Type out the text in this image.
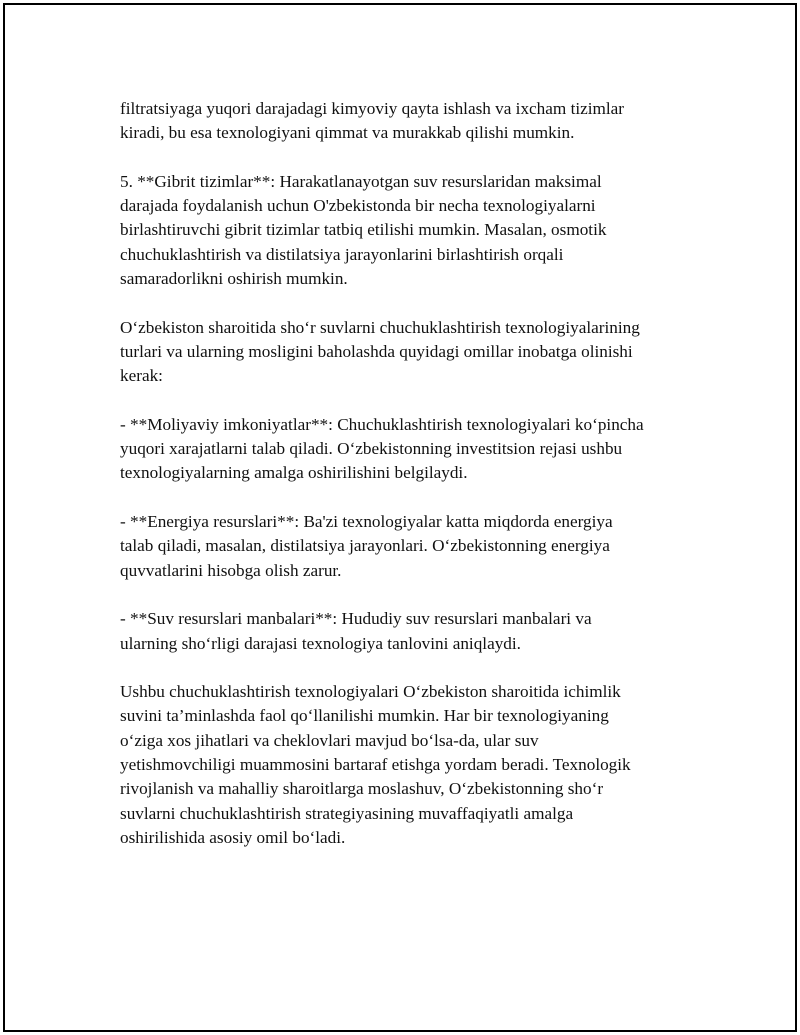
filtratsiyaga yuqori darajadagi kimyoviy qayta ishlash va ixcham tizimlar
kiradi, bu esa texnologiyani qimmat va murakkab qilishi mumkin.

5. **Gibrit tizimlar**: Harakatlanayotgan suv resurslaridan maksimal
darajada foydalanish uchun O'zbekistonda bir necha texnologiyalarni
birlashtiruvchi gibrit tizimlar tatbiq etilishi mumkin. Masalan, osmotik
chuchuklashtirish va distilatsiya jarayonlarini birlashtirish orqali
samaradorlikni oshirish mumkin.

O‘zbekiston sharoitida sho‘r suvlarni chuchuklashtirish texnologiyalarining
turlari va ularning mosligini baholashda quyidagi omillar inobatga olinishi
kerak:

- **Moliyaviy imkoniyatlar**: Chuchuklashtirish texnologiyalari ko‘pincha
yuqori xarajatlarni talab qiladi. O‘zbekistonning investitsion rejasi ushbu
texnologiyalarning amalga oshirilishini belgilaydi.

- **Energiya resurslari**: Ba'zi texnologiyalar katta miqdorda energiya
talab qiladi, masalan, distilatsiya jarayonlari. O‘zbekistonning energiya
quvvatlarini hisobga olish zarur.

- **Suv resurslari manbalari**: Hududiy suv resurslari manbalari va
ularning sho‘rligi darajasi texnologiya tanlovini aniqlaydi.

Ushbu chuchuklashtirish texnologiyalari O‘zbekiston sharoitida ichimlik
suvini ta’minlashda faol qo‘llanilishi mumkin. Har bir texnologiyaning
o‘ziga xos jihatlari va cheklovlari mavjud bo‘lsa-da, ular suv
yetishmovchiligi muammosini bartaraf etishga yordam beradi. Texnologik
rivojlanish va mahalliy sharoitlarga moslashuv, O‘zbekistonning sho‘r
suvlarni chuchuklashtirish strategiyasining muvaffaqiyatli amalga
oshirilishida asosiy omil bo‘ladi.
